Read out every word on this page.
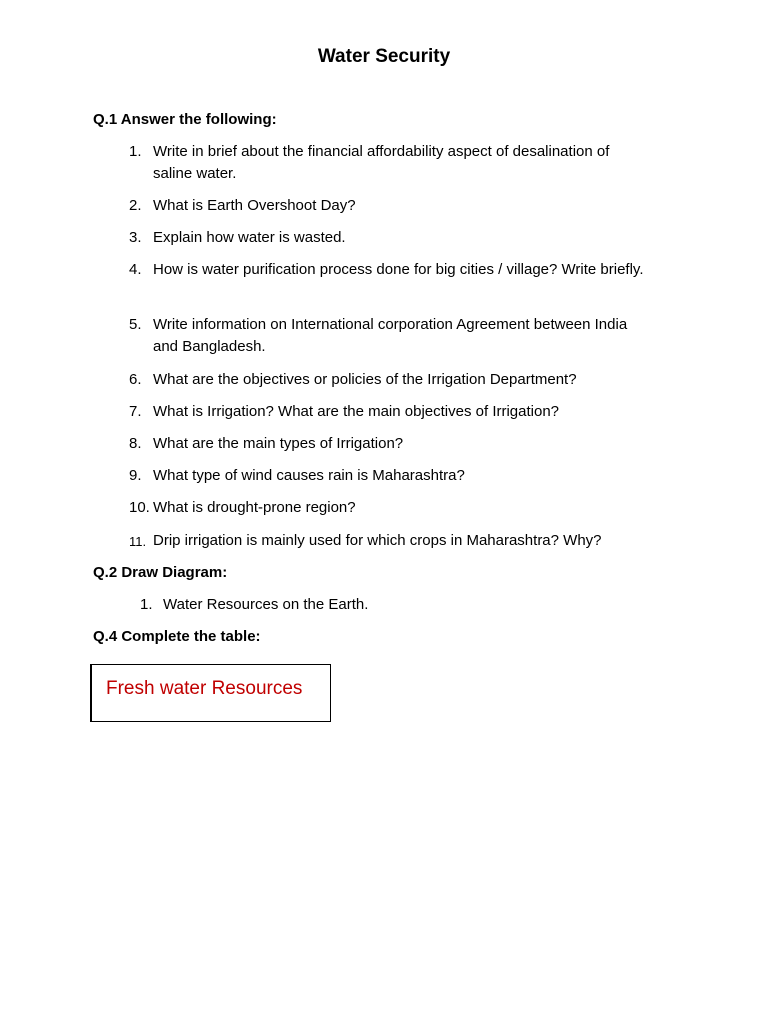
Water Security
Q.1 Answer the following:
1. Write in brief about the financial affordability aspect of desalination of saline water.
2. What is Earth Overshoot Day?
3. Explain how water is wasted.
4. How is water purification process done for big cities / village? Write briefly.
5. Write information on International corporation Agreement between India and Bangladesh.
6. What are the objectives or policies of the Irrigation Department?
7. What is Irrigation? What are the main objectives of Irrigation?
8. What are the main types of Irrigation?
9. What type of wind causes rain is Maharashtra?
10. What is drought-prone region?
11. Drip irrigation is mainly used for which crops in Maharashtra? Why?
Q.2 Draw Diagram:
1. Water Resources on the Earth.
Q.4 Complete the table:
Fresh water Resources
